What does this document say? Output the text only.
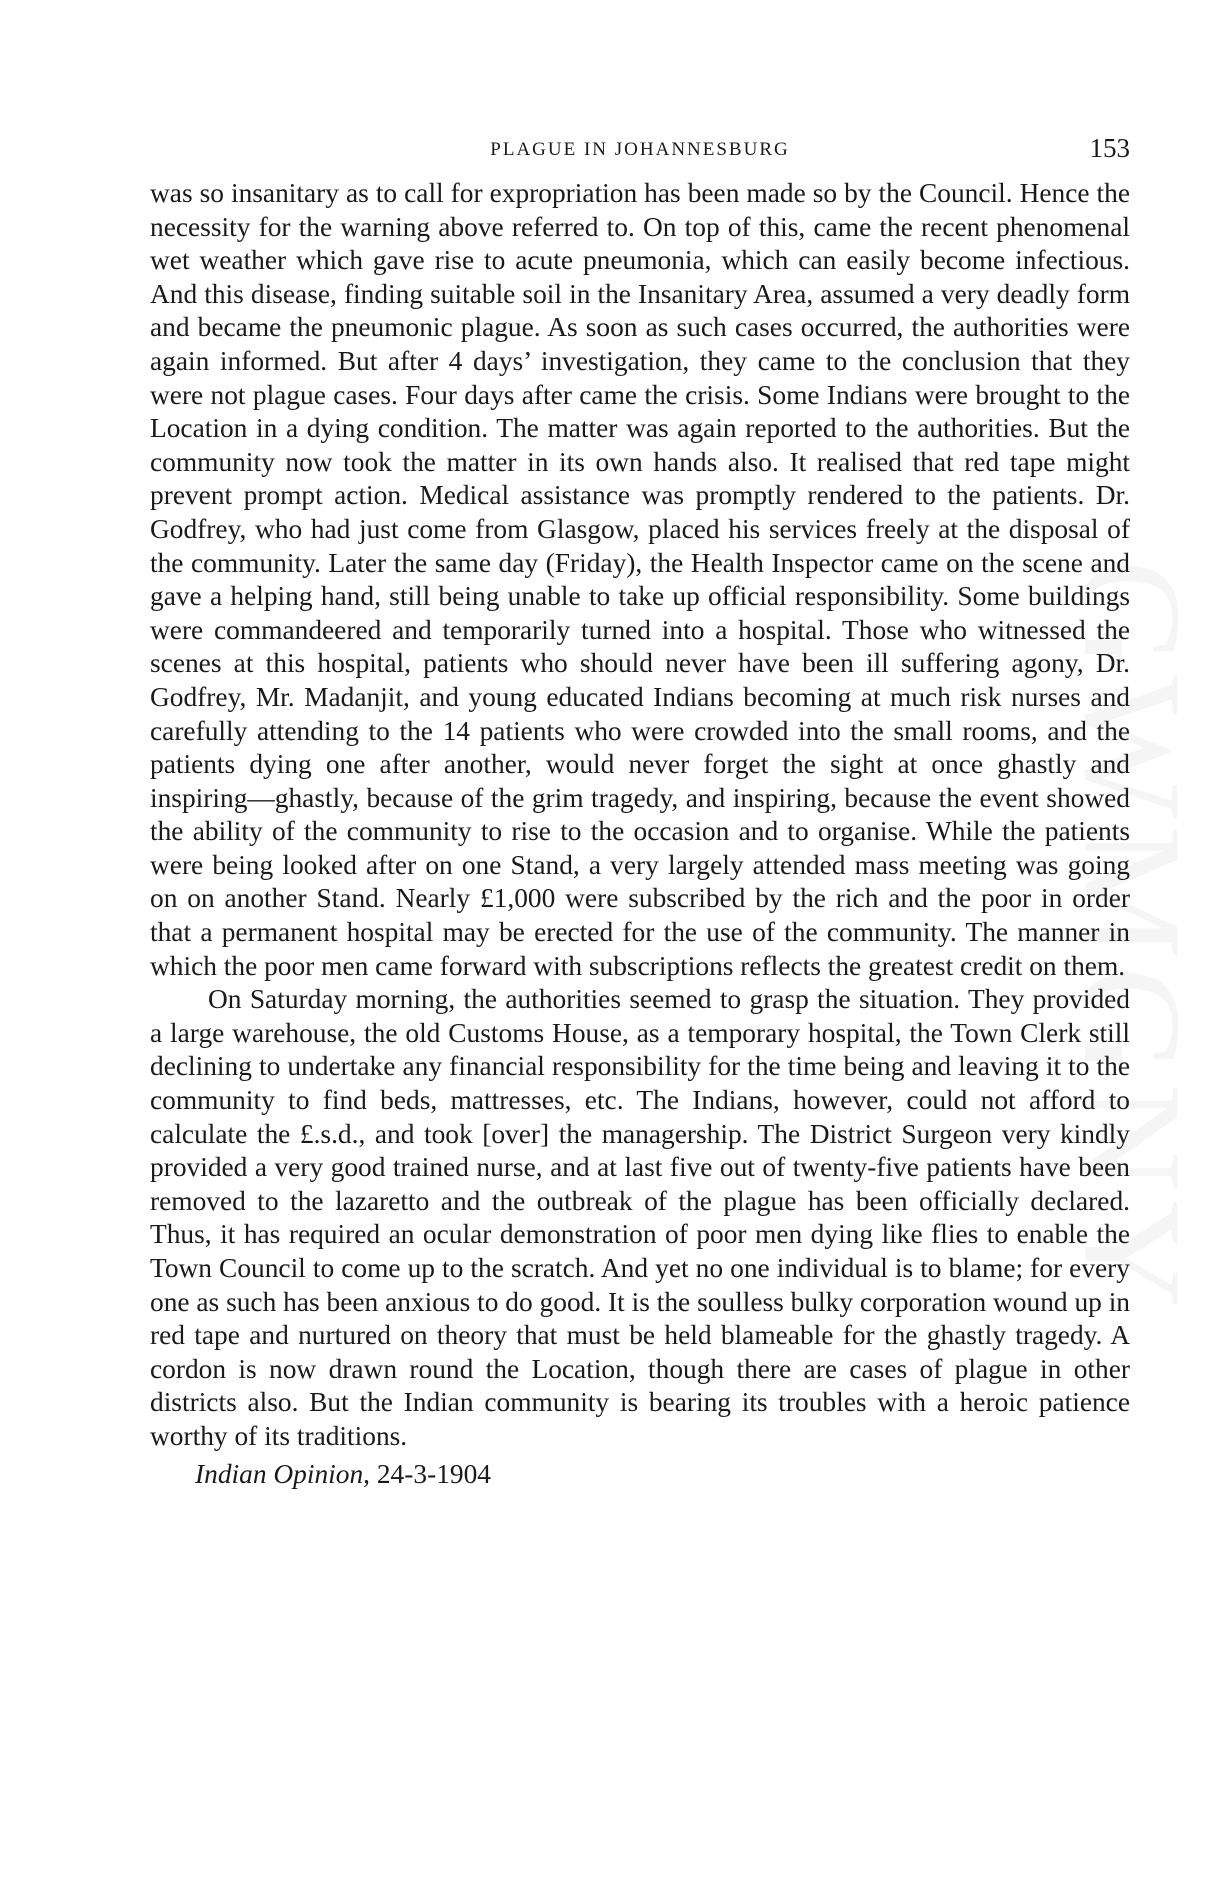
PLAGUE IN JOHANNESBURG	153

was so insanitary as to call for expropriation has been made so by the Council. Hence the necessity for the warning above referred to. On top of this, came the recent phenomenal wet weather which gave rise to acute pneumonia, which can easily become infectious. And this disease, finding suitable soil in the Insanitary Area, assumed a very deadly form and became the pneumonic plague. As soon as such cases occurred, the authorities were again informed. But after 4 days’ investigation, they came to the conclusion that they were not plague cases. Four days after came the crisis. Some Indians were brought to the Location in a dying condition. The matter was again reported to the authorities. But the community now took the matter in its own hands also. It realised that red tape might prevent prompt action. Medical assistance was promptly rendered to the patients. Dr. Godfrey, who had just come from Glasgow, placed his services freely at the disposal of the community. Later the same day (Friday), the Health Inspector came on the scene and gave a helping hand, still being unable to take up official responsibility. Some buildings were commandeered and temporarily turned into a hospital. Those who witnessed the scenes at this hospital, patients who should never have been ill suffering agony, Dr. Godfrey, Mr. Madanjit, and young educated Indians becoming at much risk nurses and carefully attending to the 14 patients who were crowded into the small rooms, and the patients dying one after another, would never forget the sight at once ghastly and inspiring—ghastly, because of the grim tragedy, and inspiring, because the event showed the ability of the community to rise to the occasion and to organise. While the patients were being looked after on one Stand, a very largely attended mass meeting was going on on another Stand. Nearly £1,000 were subscribed by the rich and the poor in order that a permanent hospital may be erected for the use of the community. The manner in which the poor men came forward with subscriptions reflects the greatest credit on them.

On Saturday morning, the authorities seemed to grasp the situation. They provided a large warehouse, the old Customs House, as a temporary hospital, the Town Clerk still declining to undertake any financial responsibility for the time being and leaving it to the community to find beds, mattresses, etc. The Indians, however, could not afford to calculate the £.s.d., and took [over] the managership. The District Surgeon very kindly provided a very good trained nurse, and at last five out of twenty-five patients have been removed to the lazaretto and the outbreak of the plague has been officially declared. Thus, it has required an ocular demonstration of poor men dying like flies to enable the Town Council to come up to the scratch. And yet no one individual is to blame; for every one as such has been anxious to do good. It is the soulless bulky corporation wound up in red tape and nurtured on theory that must be held blameable for the ghastly tragedy. A cordon is now drawn round the Location, though there are cases of plague in other districts also. But the Indian community is bearing its troubles with a heroic patience worthy of its traditions.

Indian Opinion, 24-3-1904
